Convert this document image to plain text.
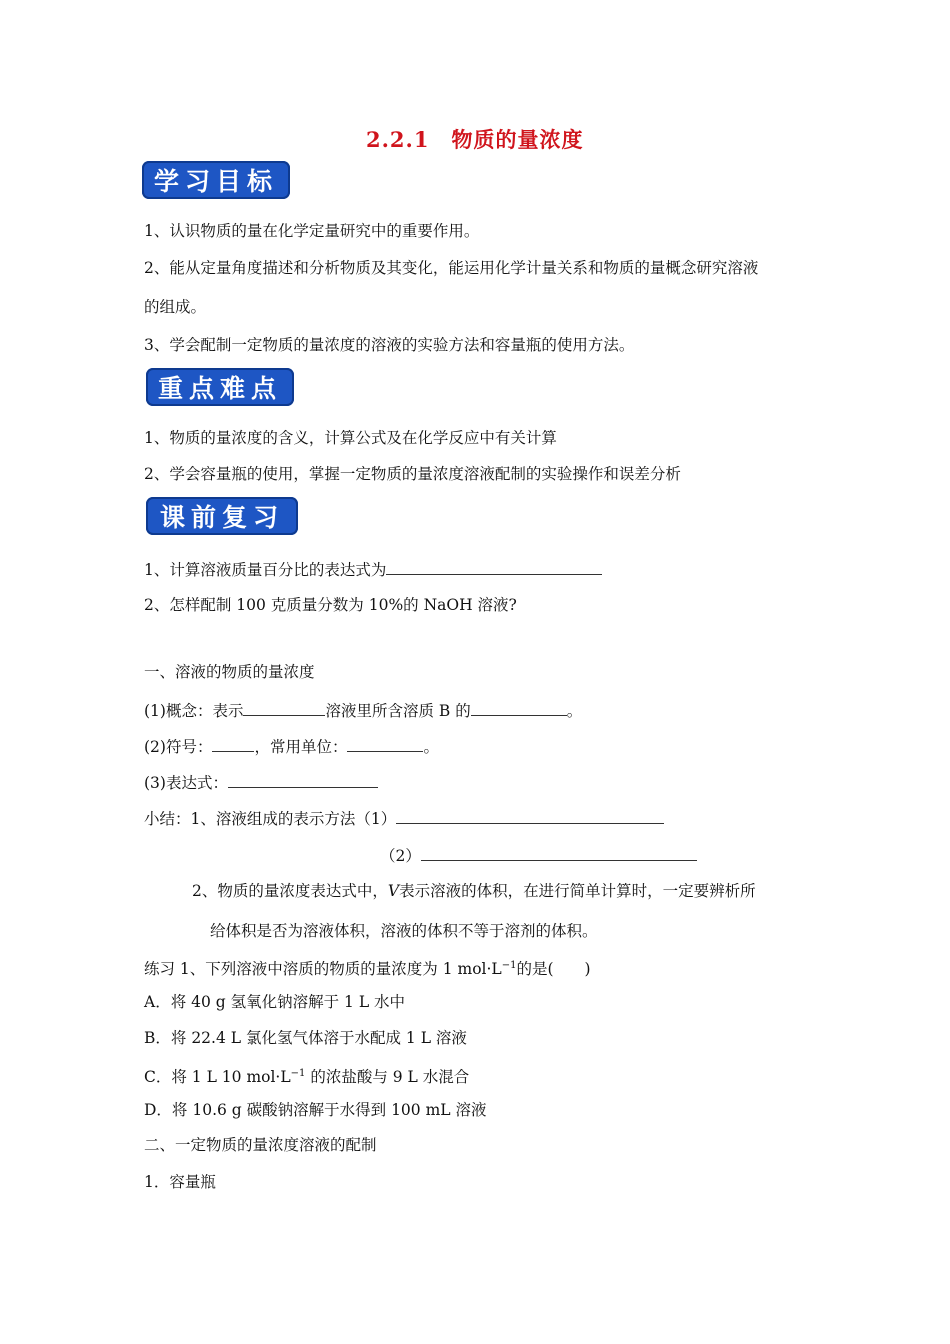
2.2.1　物质的量浓度
学习目标
1、认识物质的量在化学定量研究中的重要作用。
2、能从定量角度描述和分析物质及其变化，能运用化学计量关系和物质的量概念研究溶液
的组成。
3、学会配制一定物质的量浓度的溶液的实验方法和容量瓶的使用方法。
重点难点
1、物质的量浓度的含义，计算公式及在化学反应中有关计算
2、学会容量瓶的使用，掌握一定物质的量浓度溶液配制的实验操作和误差分析
课前复习
1、计算溶液质量百分比的表达式为
2、怎样配制 100 克质量分数为 10%的 NaOH 溶液?
一、溶液的物质的量浓度
(1)概念：表示	溶液里所含溶质 B 的	。
(2)符号：	，常用单位：	。
(3)表达式：
小结：1、溶液组成的表示方法（1）
（2）
2、物质的量浓度表达式中，V表示溶液的体积，在进行简单计算时，一定要辨析所
给体积是否为溶液体积，溶液的体积不等于溶剂的体积。
练习 1、下列溶液中溶质的物质的量浓度为 1 $mol\cdot L^{-1}$的是(　　)
A．将 40 g 氢氧化钠溶解于 1 L 水中
B．将 22.4 L 氯化氢气体溶于水配成 1 L 溶液
C．将 1 L 10 $mol\cdot L^{-1}$ 的浓盐酸与 9 L 水混合
D．将 10.6 g 碳酸钠溶解于水得到 100 mL 溶液
二、一定物质的量浓度溶液的配制
1．容量瓶
